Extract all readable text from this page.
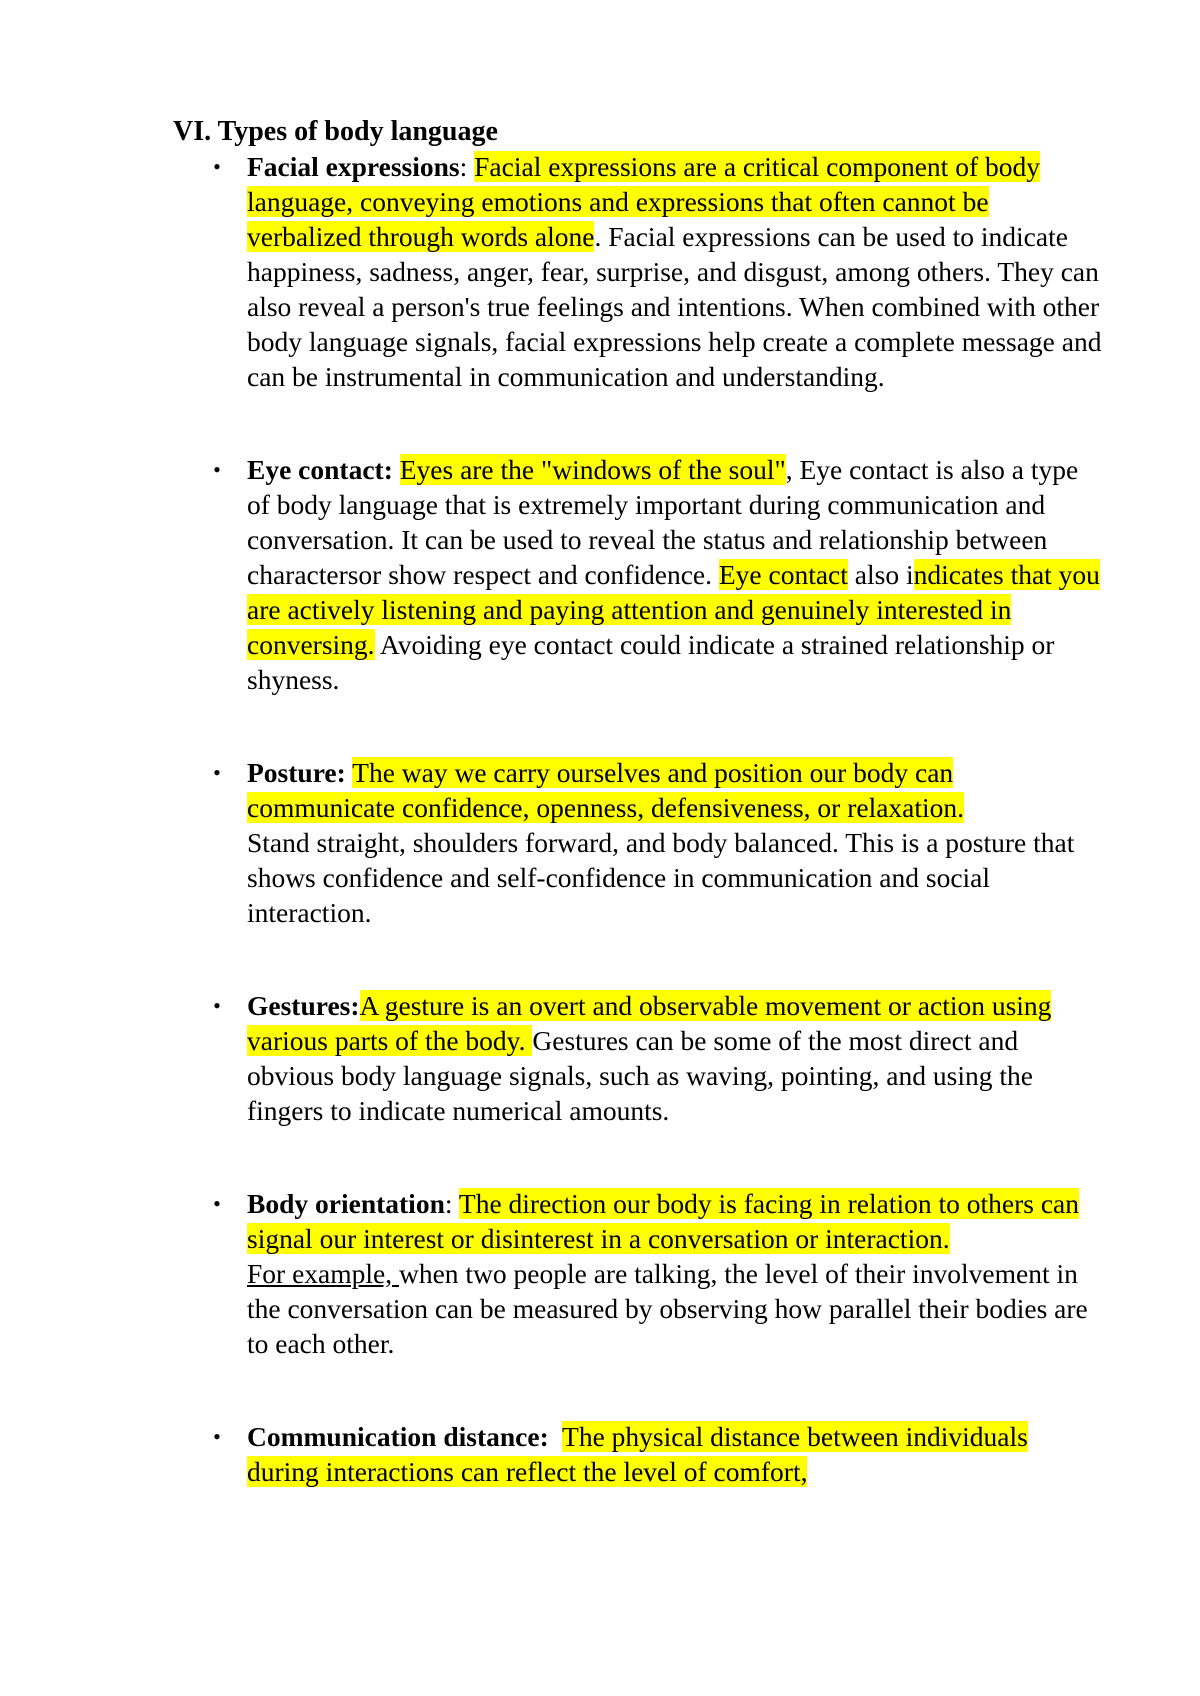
VI. Types of body language
• Facial expressions: Facial expressions are a critical component of body language, conveying emotions and expressions that often cannot be verbalized through words alone. Facial expressions can be used to indicate happiness, sadness, anger, fear, surprise, and disgust, among others. They can also reveal a person's true feelings and intentions. When combined with other body language signals, facial expressions help create a complete message and can be instrumental in communication and understanding.
• Eye contact: Eyes are the "windows of the soul", Eye contact is also a type of body language that is extremely important during communication and conversation. It can be used to reveal the status and relationship between charactersor show respect and confidence. Eye contact also indicates that you are actively listening and paying attention and genuinely interested in conversing. Avoiding eye contact could indicate a strained relationship or shyness.
• Posture: The way we carry ourselves and position our body can communicate confidence, openness, defensiveness, or relaxation.
Stand straight, shoulders forward, and body balanced. This is a posture that shows confidence and self-confidence in communication and social interaction.
• Gestures:A gesture is an overt and observable movement or action using various parts of the body. Gestures can be some of the most direct and obvious body language signals, such as waving, pointing, and using the fingers to indicate numerical amounts.
• Body orientation: The direction our body is facing in relation to others can signal our interest or disinterest in a conversation or interaction.
For example, when two people are talking, the level of their involvement in the conversation can be measured by observing how parallel their bodies are to each other.
• Communication distance: The physical distance between individuals during interactions can reflect the level of comfort,
